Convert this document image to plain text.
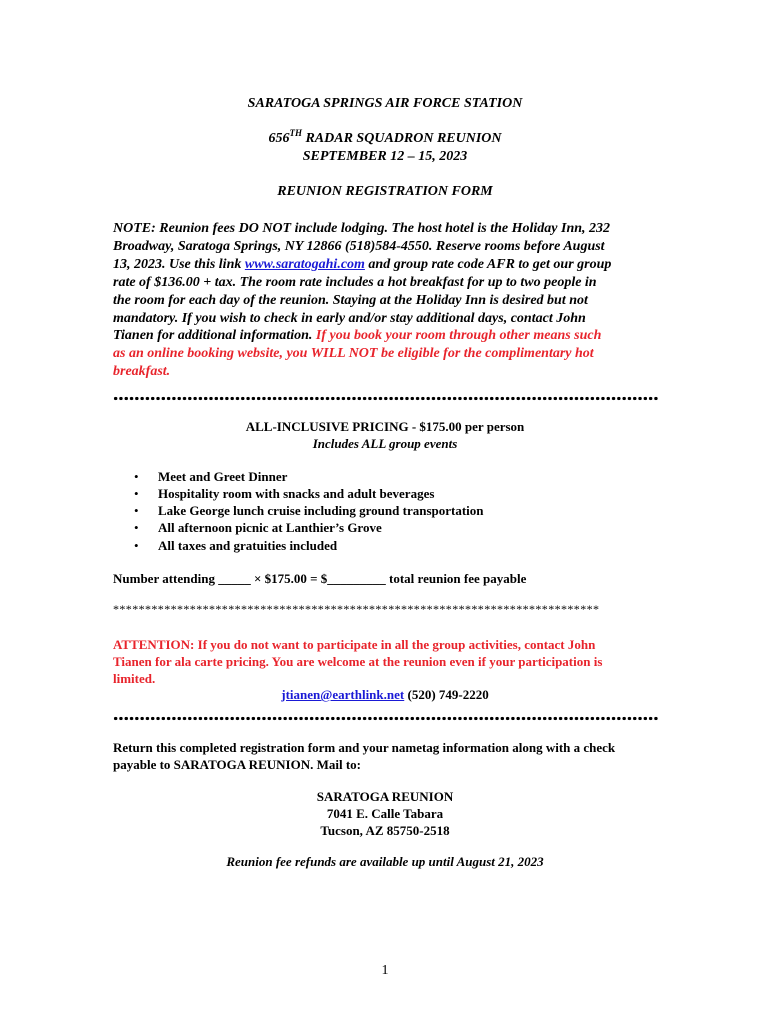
SARATOGA SPRINGS AIR FORCE STATION
656TH RADAR SQUADRON REUNION
SEPTEMBER 12 – 15, 2023
REUNION REGISTRATION FORM
NOTE: Reunion fees DO NOT include lodging. The host hotel is the Holiday Inn, 232
Broadway, Saratoga Springs, NY 12866 (518)584-4550. Reserve rooms before August
13, 2023. Use this link www.saratogahi.com and group rate code AFR to get our group
rate of $136.00 + tax. The room rate includes a hot breakfast for up to two people in
the room for each day of the reunion. Staying at the Holiday Inn is desired but not
mandatory. If you wish to check in early and/or stay additional days, contact John
Tianen for additional information. If you book your room through other means such
as an online booking website, you WILL NOT be eligible for the complimentary hot
breakfast.
ALL-INCLUSIVE PRICING - $175.00 per person
Includes ALL group events
• Meet and Greet Dinner
• Hospitality room with snacks and adult beverages
• Lake George lunch cruise including ground transportation
• All afternoon picnic at Lanthier’s Grove
• All taxes and gratuities included
Number attending _____ × $175.00 = $_________ total reunion fee payable
****************************************************************************
ATTENTION: If you do not want to participate in all the group activities, contact John
Tianen for ala carte pricing. You are welcome at the reunion even if your participation is
limited.
jtianen@earthlink.net (520) 749-2220
Return this completed registration form and your nametag information along with a check
payable to SARATOGA REUNION. Mail to:
SARATOGA REUNION
7041 E. Calle Tabara
Tucson, AZ 85750-2518
Reunion fee refunds are available up until August 21, 2023
1
